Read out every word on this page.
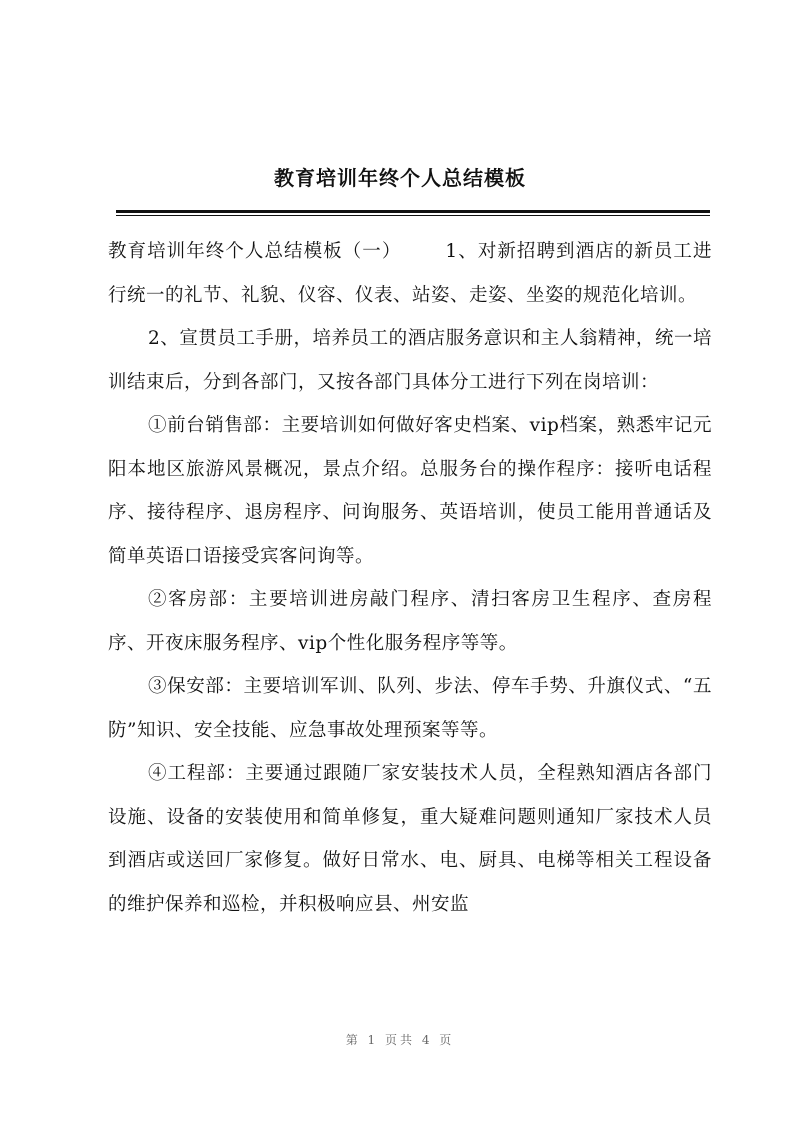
教育培训年终个人总结模板

教育培训年终个人总结模板（一） 1、对新招聘到酒店的新员工进行统一的礼节、礼貌、仪容、仪表、站姿、走姿、坐姿的规范化培训。

2、宣贯员工手册，培养员工的酒店服务意识和主人翁精神，统一培训结束后，分到各部门，又按各部门具体分工进行下列在岗培训：

①前台销售部：主要培训如何做好客史档案、vip档案，熟悉牢记元阳本地区旅游风景概况，景点介绍。总服务台的操作程序：接听电话程序、接待程序、退房程序、问询服务、英语培训，使员工能用普通话及简单英语口语接受宾客问询等。

②客房部：主要培训进房敲门程序、清扫客房卫生程序、查房程序、开夜床服务程序、vip个性化服务程序等等。

③保安部：主要培训军训、队列、步法、停车手势、升旗仪式、“五防”知识、安全技能、应急事故处理预案等等。

④工程部：主要通过跟随厂家安装技术人员，全程熟知酒店各部门设施、设备的安装使用和简单修复，重大疑难问题则通知厂家技术人员到酒店或送回厂家修复。做好日常水、电、厨具、电梯等相关工程设备的维护保养和巡检，并积极响应县、州安监

第 1 页共 4 页
